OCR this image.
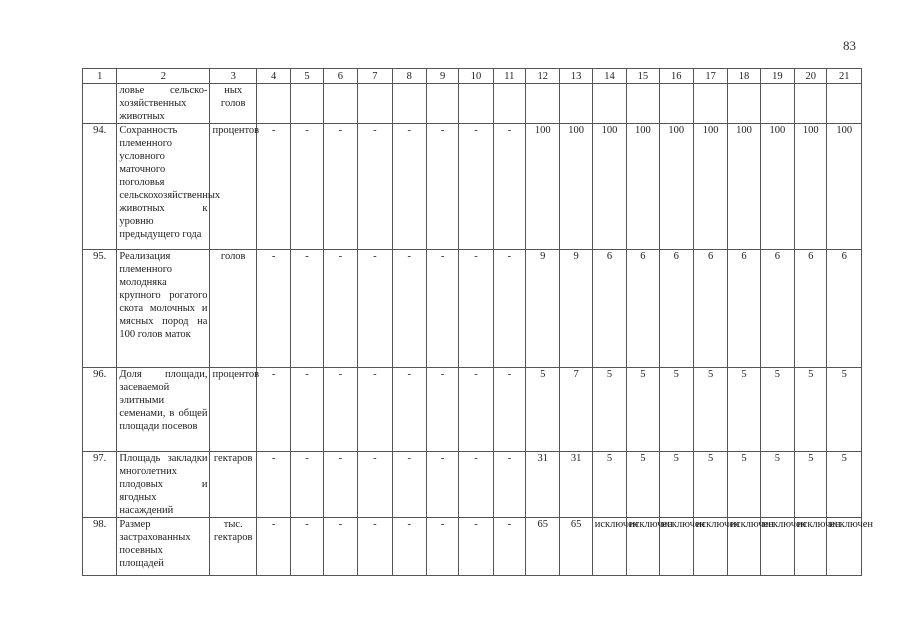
83
1	2	3	4	5	6	7	8	9	10	11	12	13	14	15	16	17	18	19	20	21
	ловье сельско-хозяйственных животных	ных голов																		
94.	Сохранность племенного условного маточного поголовья сельскохозяйственных животных к уровню предыдущего года	процентов	-	-	-	-	-	-	-	-	100	100	100	100	100	100	100	100	100	100
95.	Реализация племенного молодняка крупного рогатого скота молочных и мясных пород на 100 голов маток	голов	-	-	-	-	-	-	-	-	9	9	6	6	6	6	6	6	6	6
96.	Доля площади, засеваемой элитными семенами, в общей площади посевов	процентов	-	-	-	-	-	-	-	-	5	7	5	5	5	5	5	5	5	5
97.	Площадь закладки многолетних плодовых и ягодных насаждений	гектаров	-	-	-	-	-	-	-	-	31	31	5	5	5	5	5	5	5	5
98.	Размер застрахованных посевных площадей	тыс. гектаров	-	-	-	-	-	-	-	-	65	65	исключен	исключен	исключен	исключен	исключен	исключен	исключен	исключен
